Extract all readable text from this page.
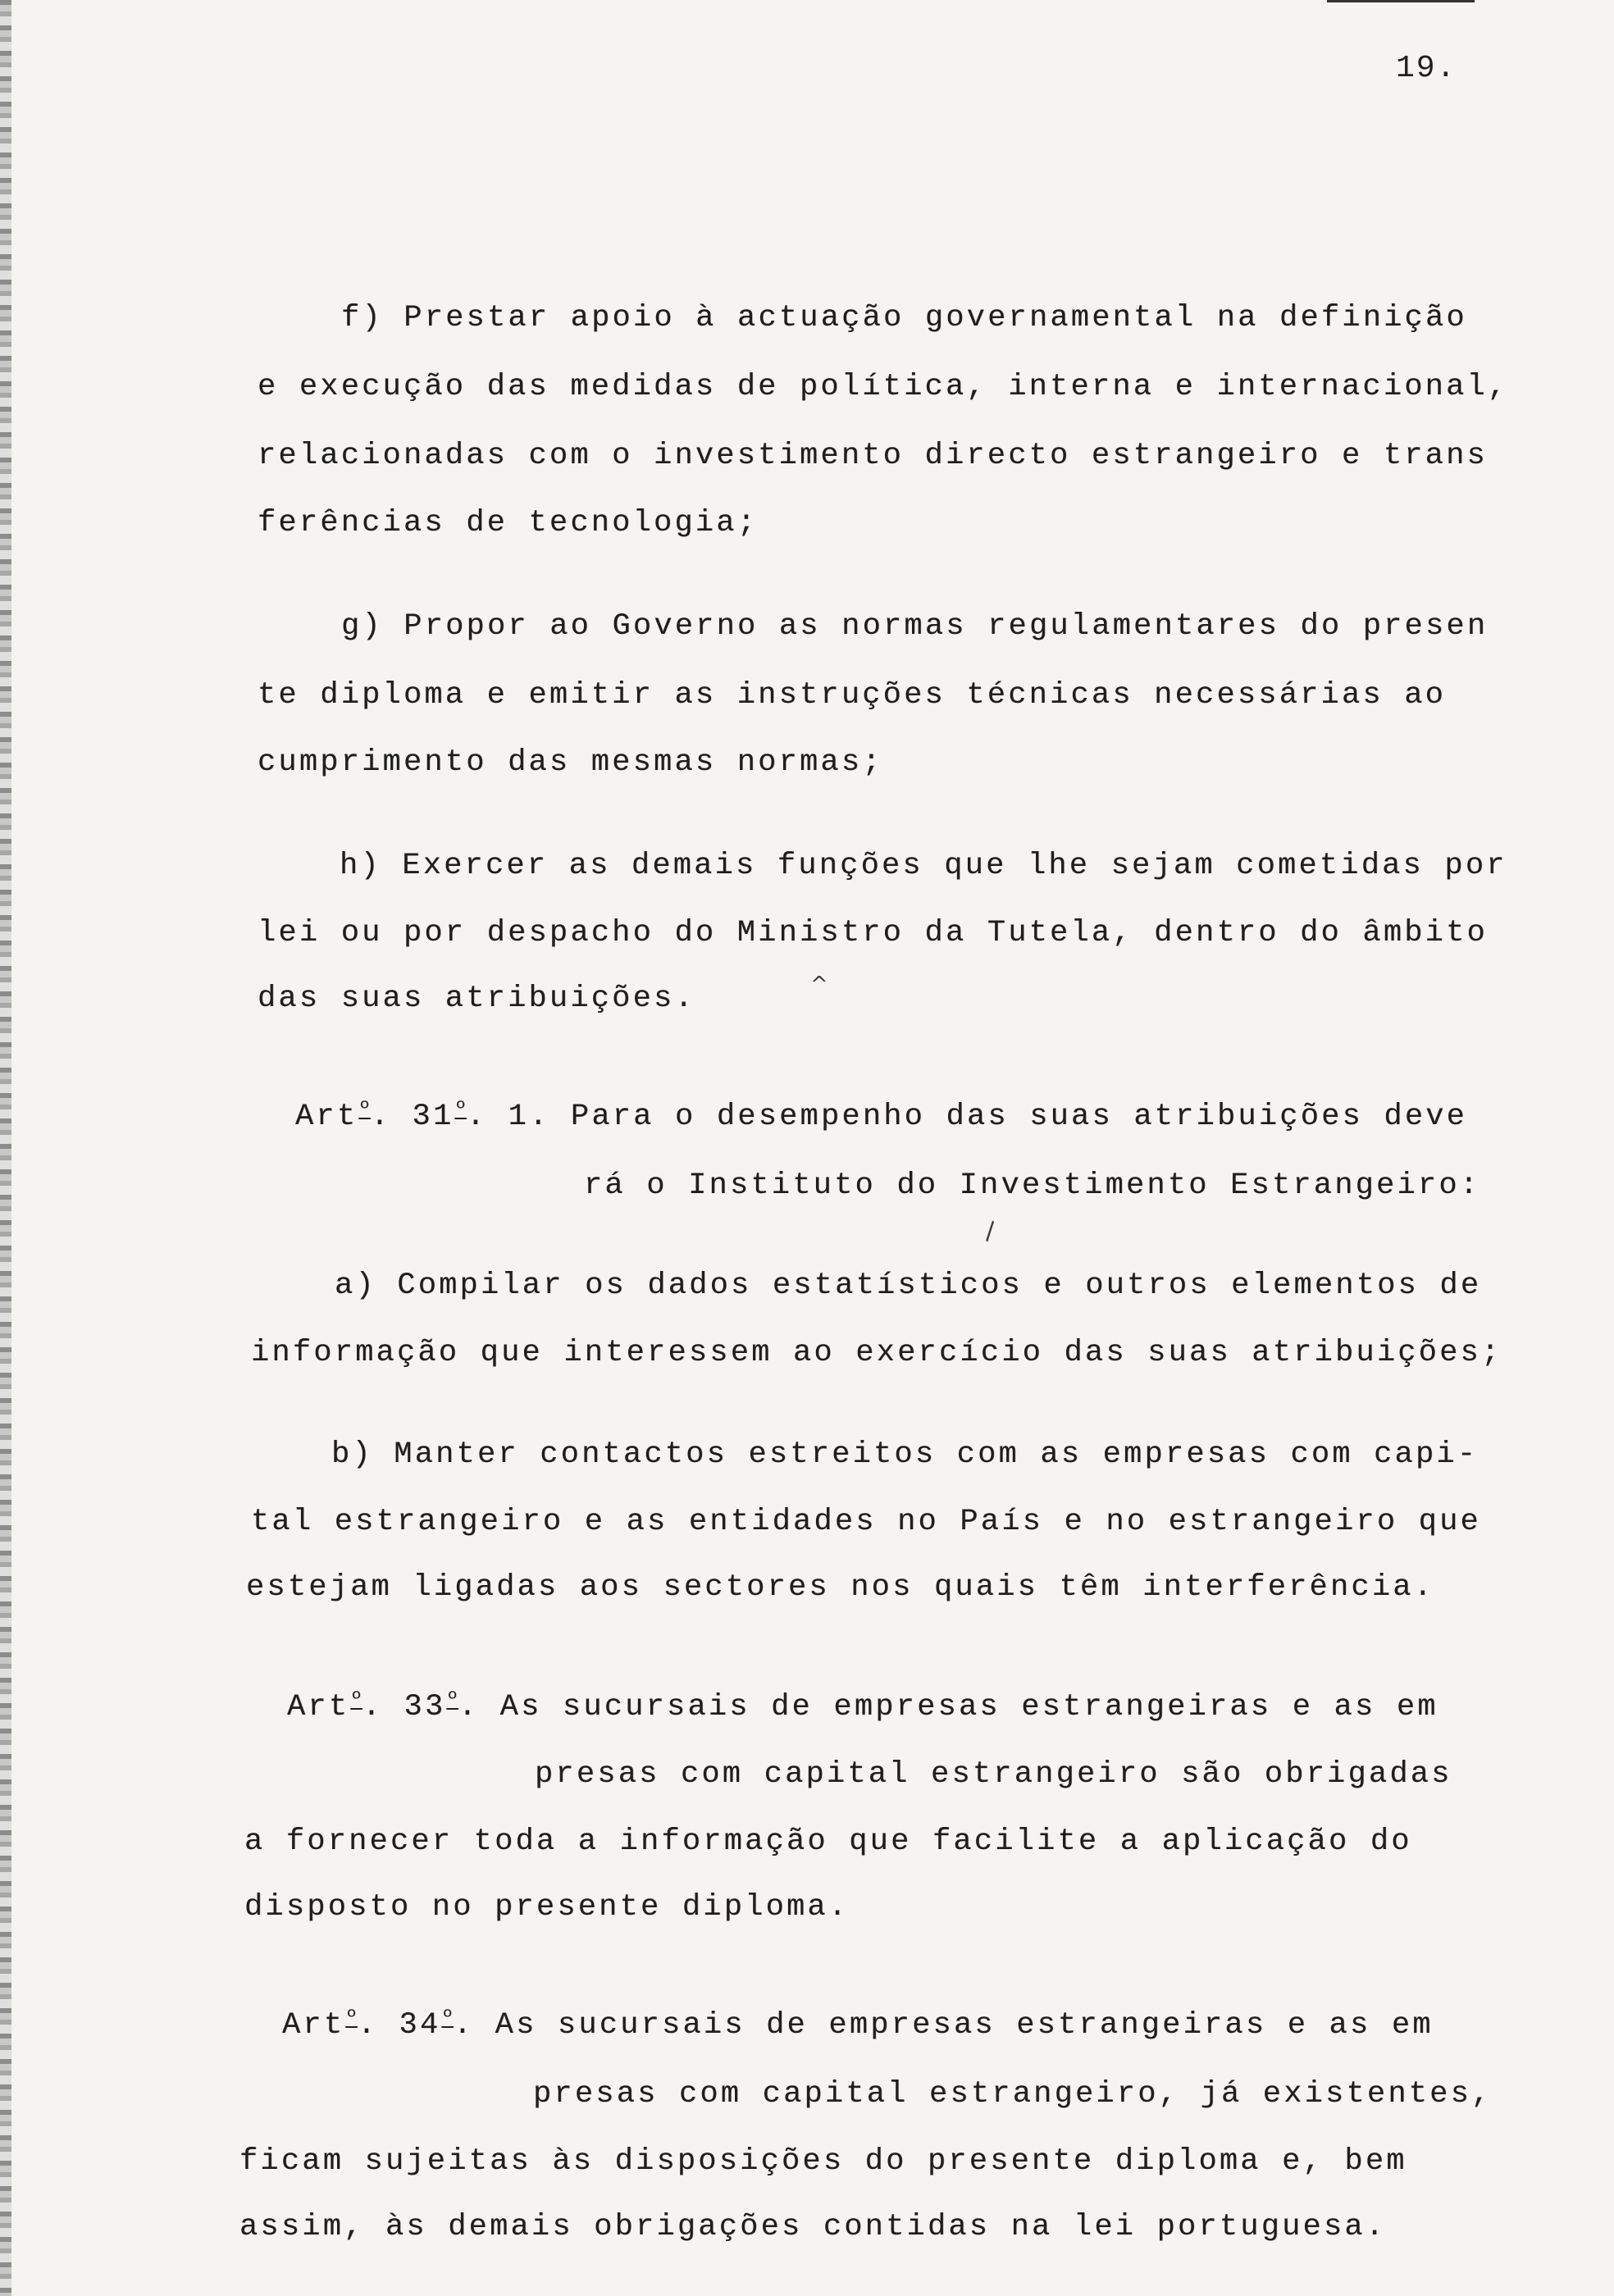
19.
f) Prestar apoio à actuação governamental na definição
e execução das medidas de política, interna e internacional,
relacionadas com o investimento directo estrangeiro e trans
ferências de tecnologia;
g) Propor ao Governo as normas regulamentares do presen
te diploma e emitir as instruções técnicas necessárias ao
cumprimento das mesmas normas;
h) Exercer as demais funções que lhe sejam cometidas por
lei ou por despacho do Ministro da Tutela, dentro do âmbito
das suas atribuições.
Art$^º$. $31^º$. 1. Para o desempenho das suas atribuições deve
rá o Instituto do Investimento Estrangeiro:
a) Compilar os dados estatísticos e outros elementos de
informação que interessem ao exercício das suas atribuições;
b) Manter contactos estreitos com as empresas com capi-
tal estrangeiro e as entidades no País e no estrangeiro que
estejam ligadas aos sectores nos quais têm interferência.
Art$^º$. $33^º$. As sucursais de empresas estrangeiras e as em
presas com capital estrangeiro são obrigadas
a fornecer toda a informação que facilite a aplicação do
disposto no presente diploma.
Art$^º$. $34^º$. As sucursais de empresas estrangeiras e as em
presas com capital estrangeiro, já existentes,
ficam sujeitas às disposições do presente diploma e, bem
assim, às demais obrigações contidas na lei portuguesa.
^
\
